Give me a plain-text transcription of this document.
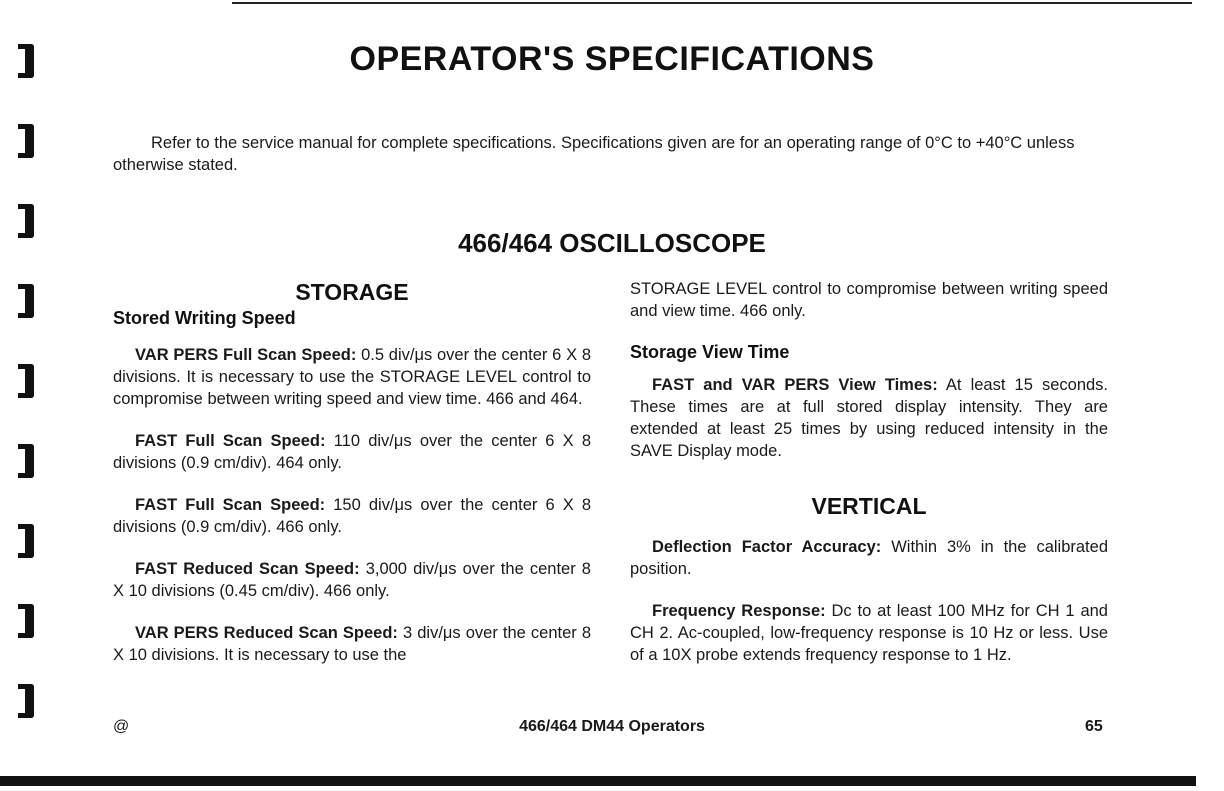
OPERATOR'S SPECIFICATIONS

Refer to the service manual for complete specifications. Specifications given are for an operating range of 0°C to +40°C unless otherwise stated.

466/464 OSCILLOSCOPE
STORAGE
Stored Writing Speed

VAR PERS Full Scan Speed: 0.5 div/μs over the center 6 X 8 divisions. It is necessary to use the STORAGE LEVEL control to compromise between writing speed and view time. 466 and 464.

FAST Full Scan Speed: 110 div/μs over the center 6 X 8 divisions (0.9 cm/div). 464 only.

FAST Full Scan Speed: 150 div/μs over the center 6 X 8 divisions (0.9 cm/div). 466 only.

FAST Reduced Scan Speed: 3,000 div/μs over the center 8 X 10 divisions (0.45 cm/div). 466 only.

VAR PERS Reduced Scan Speed: 3 div/μs over the center 8 X 10 divisions. It is necessary to use the

STORAGE LEVEL control to compromise between writing speed and view time. 466 only.

Storage View Time

FAST and VAR PERS View Times: At least 15 seconds. These times are at full stored display intensity. They are extended at least 25 times by using reduced intensity in the SAVE Display mode.

VERTICAL

Deflection Factor Accuracy: Within 3% in the calibrated position.

Frequency Response: Dc to at least 100 MHz for CH 1 and CH 2. Ac-coupled, low-frequency response is 10 Hz or less. Use of a 10X probe extends frequency response to 1 Hz.

@	466/464 DM44 Operators	65
